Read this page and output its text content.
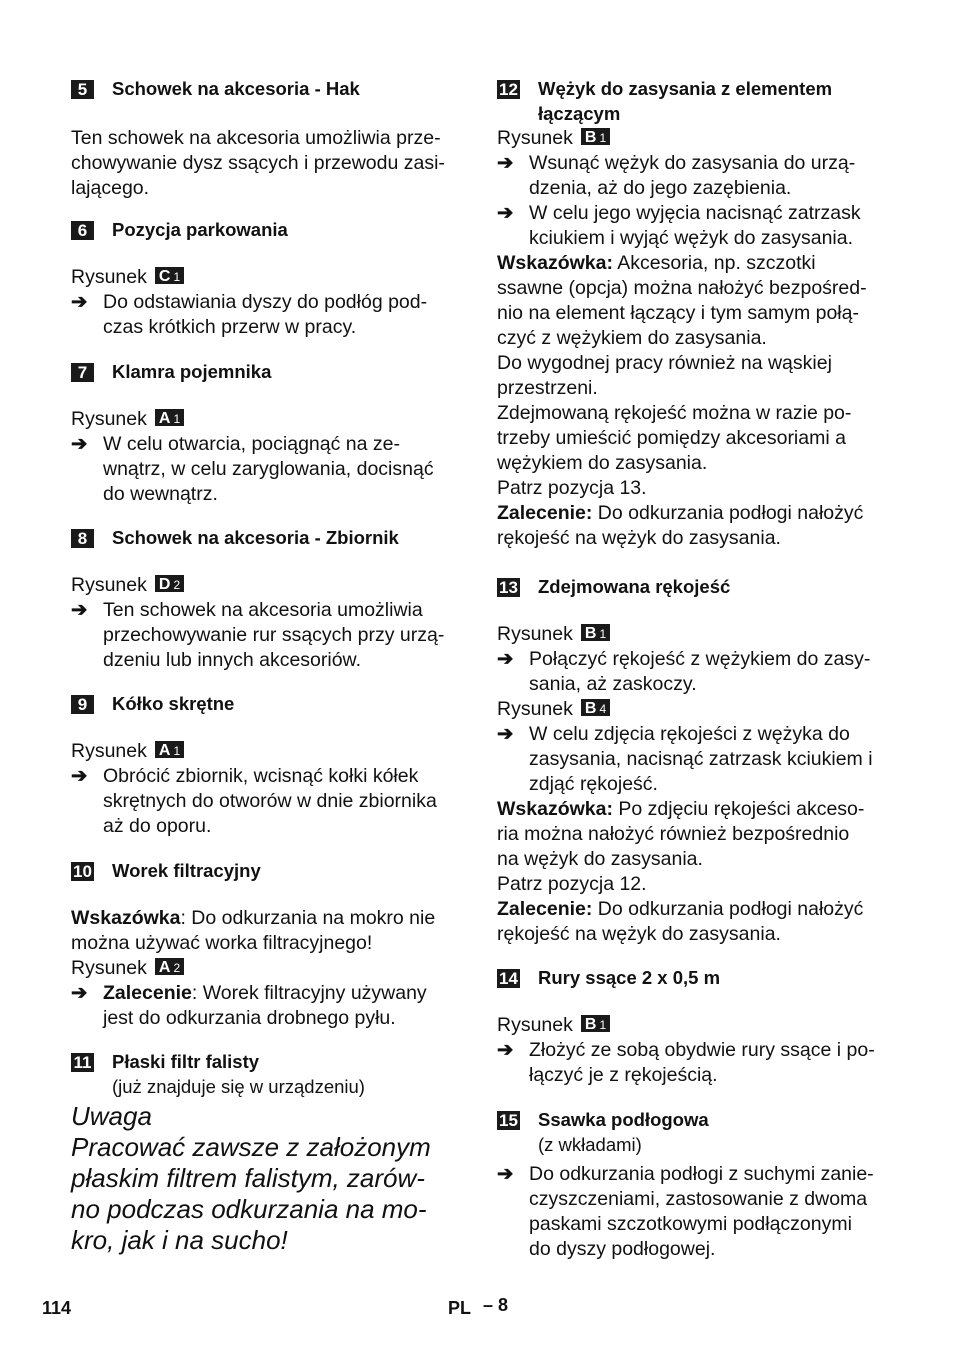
5	Schowek na akcesoria - Hak
Ten schowek na akcesoria umożliwia prze-
chowywanie dysz ssących i przewodu zasi-
lającego.
6	Pozycja parkowania
Rysunek C 1
➔ Do odstawiania dyszy do podłóg pod-
czas krótkich przerw w pracy.
7	Klamra pojemnika
Rysunek A 1
➔ W celu otwarcia, pociągnąć na ze-
wnątrz, w celu zaryglowania, docisnąć
do wewnątrz.
8	Schowek na akcesoria - Zbiornik
Rysunek D 2
➔ Ten schowek na akcesoria umożliwia
przechowywanie rur ssących przy urzą-
dzeniu lub innych akcesoriów.
9	Kółko skrętne
Rysunek A 1
➔ Obrócić zbiornik, wcisnąć kołki kółek
skrętnych do otworów w dnie zbiornika
aż do oporu.
10 Worek filtracyjny
Wskazówka: Do odkurzania na mokro nie
można używać worka filtracyjnego!
Rysunek A 2
➔ Zalecenie: Worek filtracyjny używany
jest do odkurzania drobnego pyłu.
11 Płaski filtr falisty
(już znajduje się w urządzeniu)
Uwaga
Pracować zawsze z założonym
płaskim filtrem falistym, zarów-
no podczas odkurzania na mo-
kro, jak i na sucho!
12 Wężyk do zasysania z elementem
łączącym
Rysunek B 1
➔ Wsunąć wężyk do zasysania do urzą-
dzenia, aż do jego zazębienia.
➔ W celu jego wyjęcia nacisnąć zatrzask
kciukiem i wyjąć wężyk do zasysania.
Wskazówka: Akcesoria, np. szczotki
ssawne (opcja) można nałożyć bezpośred-
nio na element łączący i tym samym połą-
czyć z wężykiem do zasysania.
Do wygodnej pracy również na wąskiej
przestrzeni.
Zdejmowaną rękojeść można w razie po-
trzeby umieścić pomiędzy akcesoriami a
wężykiem do zasysania.
Patrz pozycja 13.
Zalecenie: Do odkurzania podłogi nałożyć
rękojeść na wężyk do zasysania.
13 Zdejmowana rękojeść
Rysunek B 1
➔ Połączyć rękojeść z wężykiem do zasy-
sania, aż zaskoczy.
Rysunek B 4
➔ W celu zdjęcia rękojeści z wężyka do
zasysania, nacisnąć zatrzask kciukiem i
zdjąć rękojeść.
Wskazówka: Po zdjęciu rękojeści akceso-
ria można nałożyć również bezpośrednio
na wężyk do zasysania.
Patrz pozycja 12.
Zalecenie: Do odkurzania podłogi nałożyć
rękojeść na wężyk do zasysania.
14 Rury ssące 2 x 0,5 m
Rysunek B 1
➔ Złożyć ze sobą obydwie rury ssące i po-
łączyć je z rękojeścią.
15 Ssawka podłogowa
(z wkładami)
➔ Do odkurzania podłogi z suchymi zanie-
czyszczeniami, zastosowanie z dwoma
paskami szczotkowymi podłączonymi
do dyszy podłogowej.
114	PL – 8
